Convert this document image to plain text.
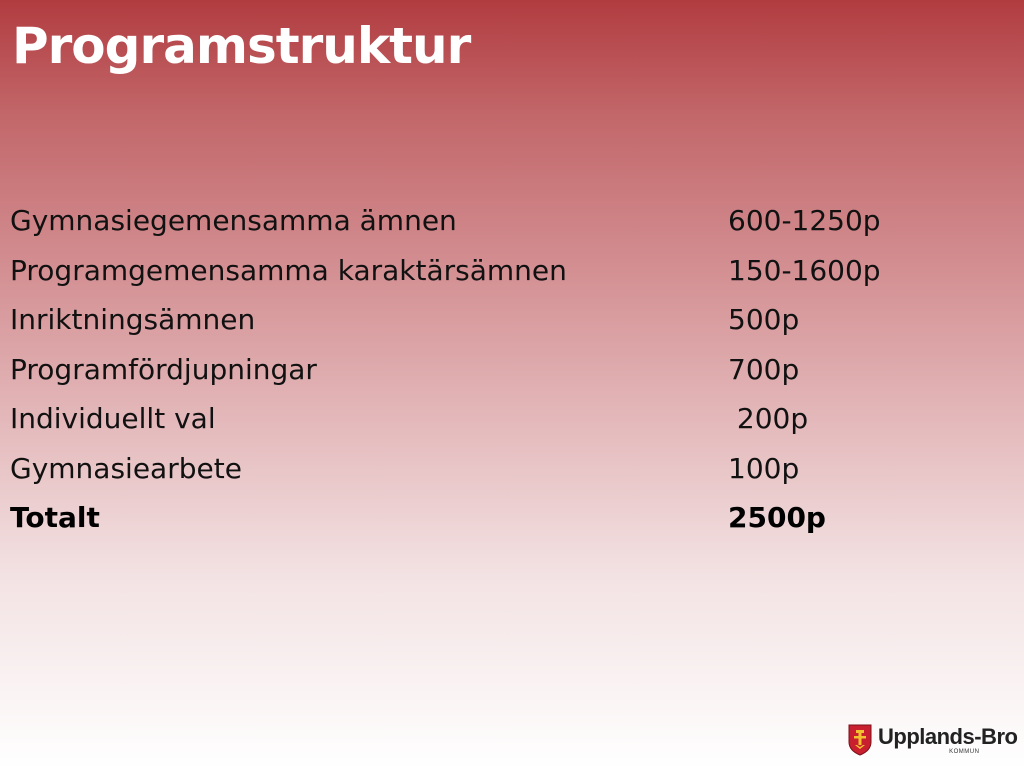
Programstruktur
Gymnasiegemensamma ämnen	600-1250p
Programgemensamma karaktärsämnen	150-1600p
Inriktningsämnen	500p
Programfördjupningar	700p
Individuellt val	200p
Gymnasiearbete	100p
Totalt	2500p
Upplands-Bro
KOMMUN
